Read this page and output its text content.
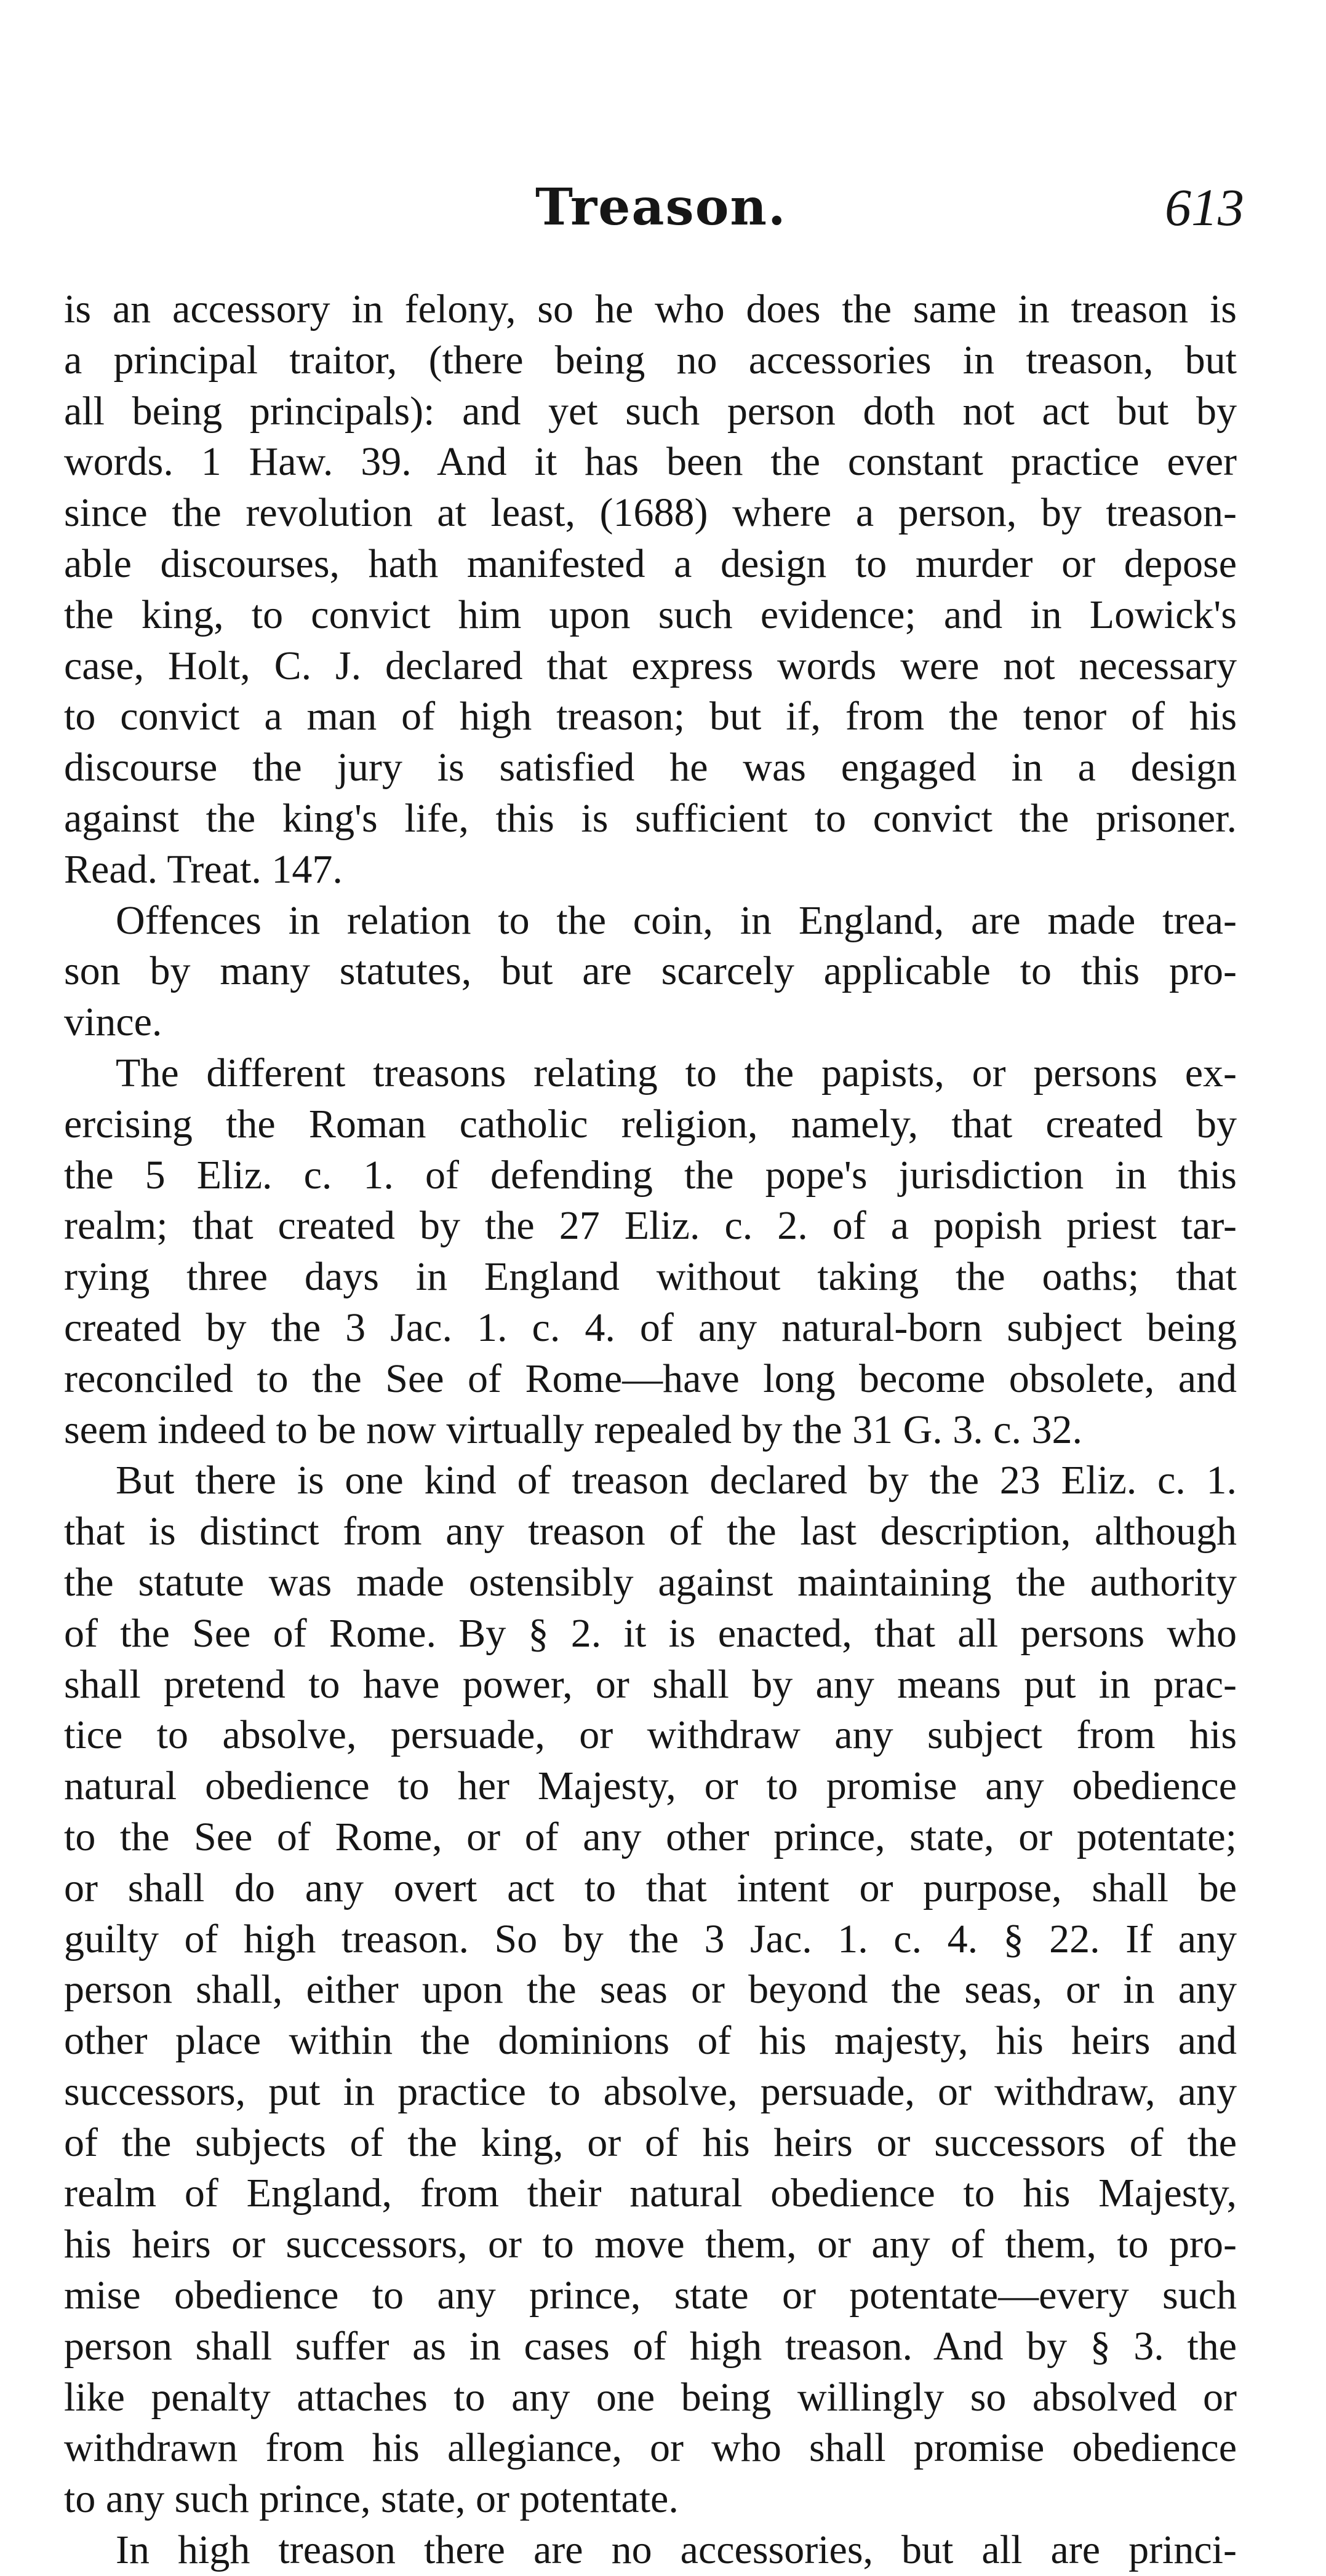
Treason.	613
is an accessory in felony, so he who does the same in treason is
a principal traitor, (there being no accessories in treason, but
all being principals): and yet such person doth not act but by
words. 1 Haw. 39. And it has been the constant practice ever
since the revolution at least, (1688) where a person, by treason-
able discourses, hath manifested a design to murder or depose
the king, to convict him upon such evidence; and in Lowick's
case, Holt, C. J. declared that express words were not necessary
to convict a man of high treason; but if, from the tenor of his
discourse the jury is satisfied he was engaged in a design
against the king's life, this is sufficient to convict the prisoner.
Read. Treat. 147.
Offences in relation to the coin, in England, are made trea-
son by many statutes, but are scarcely applicable to this pro-
vince.
The different treasons relating to the papists, or persons ex-
ercising the Roman catholic religion, namely, that created by
the 5 Eliz. c. 1. of defending the pope's jurisdiction in this
realm; that created by the 27 Eliz. c. 2. of a popish priest tar-
rying three days in England without taking the oaths; that
created by the 3 Jac. 1. c. 4. of any natural-born subject being
reconciled to the See of Rome—have long become obsolete, and
seem indeed to be now virtually repealed by the 31 G. 3. c. 32.
But there is one kind of treason declared by the 23 Eliz. c. 1.
that is distinct from any treason of the last description, although
the statute was made ostensibly against maintaining the authority
of the See of Rome. By § 2. it is enacted, that all persons who
shall pretend to have power, or shall by any means put in prac-
tice to absolve, persuade, or withdraw any subject from his
natural obedience to her Majesty, or to promise any obedience
to the See of Rome, or of any other prince, state, or potentate;
or shall do any overt act to that intent or purpose, shall be
guilty of high treason. So by the 3 Jac. 1. c. 4. § 22. If any
person shall, either upon the seas or beyond the seas, or in any
other place within the dominions of his majesty, his heirs and
successors, put in practice to absolve, persuade, or withdraw, any
of the subjects of the king, or of his heirs or successors of the
realm of England, from their natural obedience to his Majesty,
his heirs or successors, or to move them, or any of them, to pro-
mise obedience to any prince, state or potentate—every such
person shall suffer as in cases of high treason. And by § 3. the
like penalty attaches to any one being willingly so absolved or
withdrawn from his allegiance, or who shall promise obedience
to any such prince, state, or potentate.
In high treason there are no accessories, but all are princi-
